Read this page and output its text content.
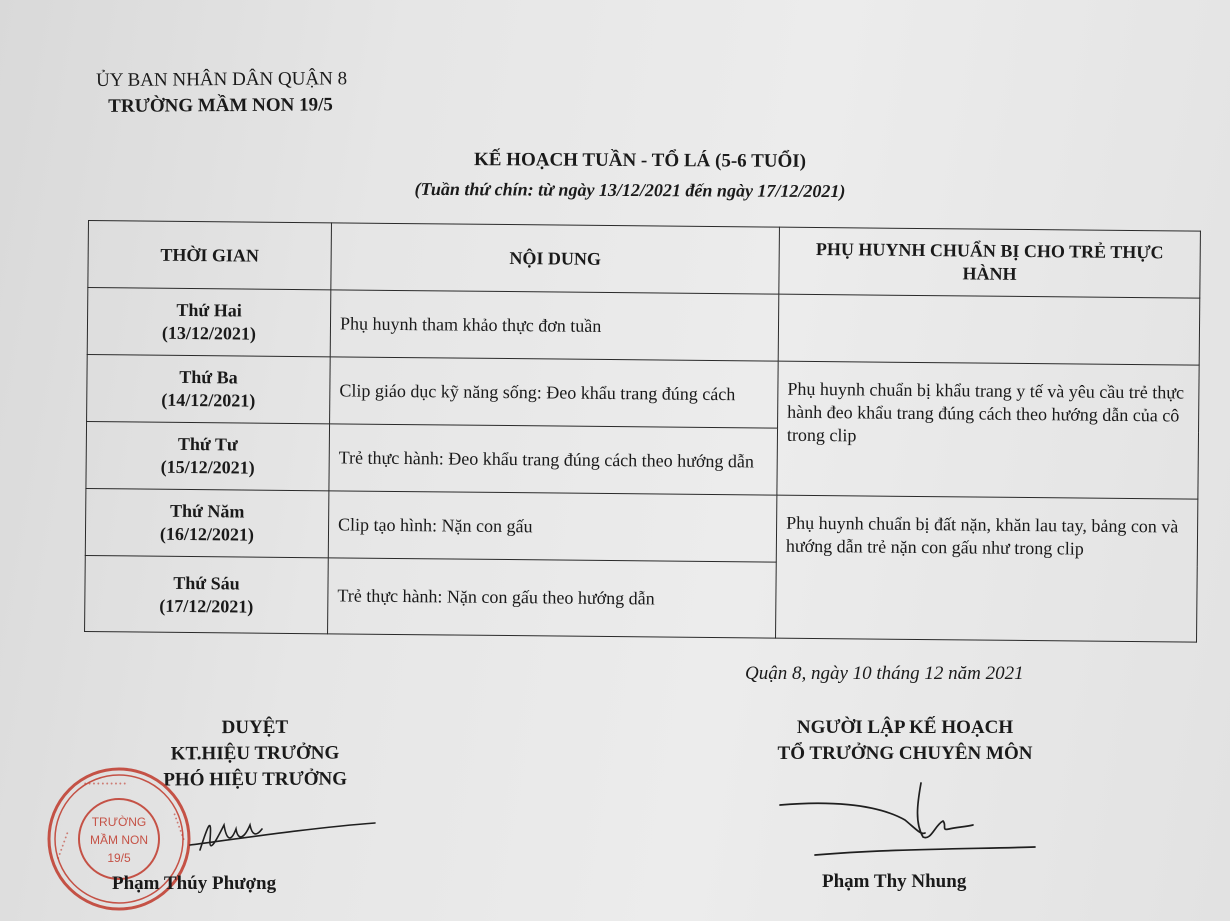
ỦY BAN NHÂN DÂN QUẬN 8
TRƯỜNG MẦM NON 19/5
KẾ HOẠCH TUẦN - TỔ LÁ (5-6 TUỔI)
(Tuần thứ chín: từ ngày 13/12/2021 đến ngày 17/12/2021)
THỜI GIAN	NỘI DUNG	PHỤ HUYNH CHUẨN BỊ CHO TRẺ THỰC HÀNH

Thứ Hai
(13/12/2021)	Phụ huynh tham khảo thực đơn tuần	

Thứ Ba
(14/12/2021)	Clip giáo dục kỹ năng sống: Đeo khẩu trang đúng cách	Phụ huynh chuẩn bị khẩu trang y tế và yêu cầu trẻ thực hành đeo khẩu trang đúng cách theo hướng dẫn của cô trong clip

Thứ Tư
(15/12/2021)	Trẻ thực hành: Đeo khẩu trang đúng cách theo hướng dẫn	

Thứ Năm
(16/12/2021)	Clip tạo hình: Nặn con gấu	Phụ huynh chuẩn bị đất nặn, khăn lau tay, bảng con và hướng dẫn trẻ nặn con gấu như trong clip

Thứ Sáu
(17/12/2021)	Trẻ thực hành: Nặn con gấu theo hướng dẫn	
Quận 8, ngày 10 tháng 12 năm 2021
DUYỆT
KT.HIỆU TRƯỞNG
PHÓ HIỆU TRƯỞNG
NGƯỜI LẬP KẾ HOẠCH
TỔ TRƯỞNG CHUYÊN MÔN
• • • • • • • • • •
• • • • • • •
• • • • • • •
TRƯỜNG
MẦM NON
19/5
Phạm Thúy Phượng	Phạm Thy Nhung
